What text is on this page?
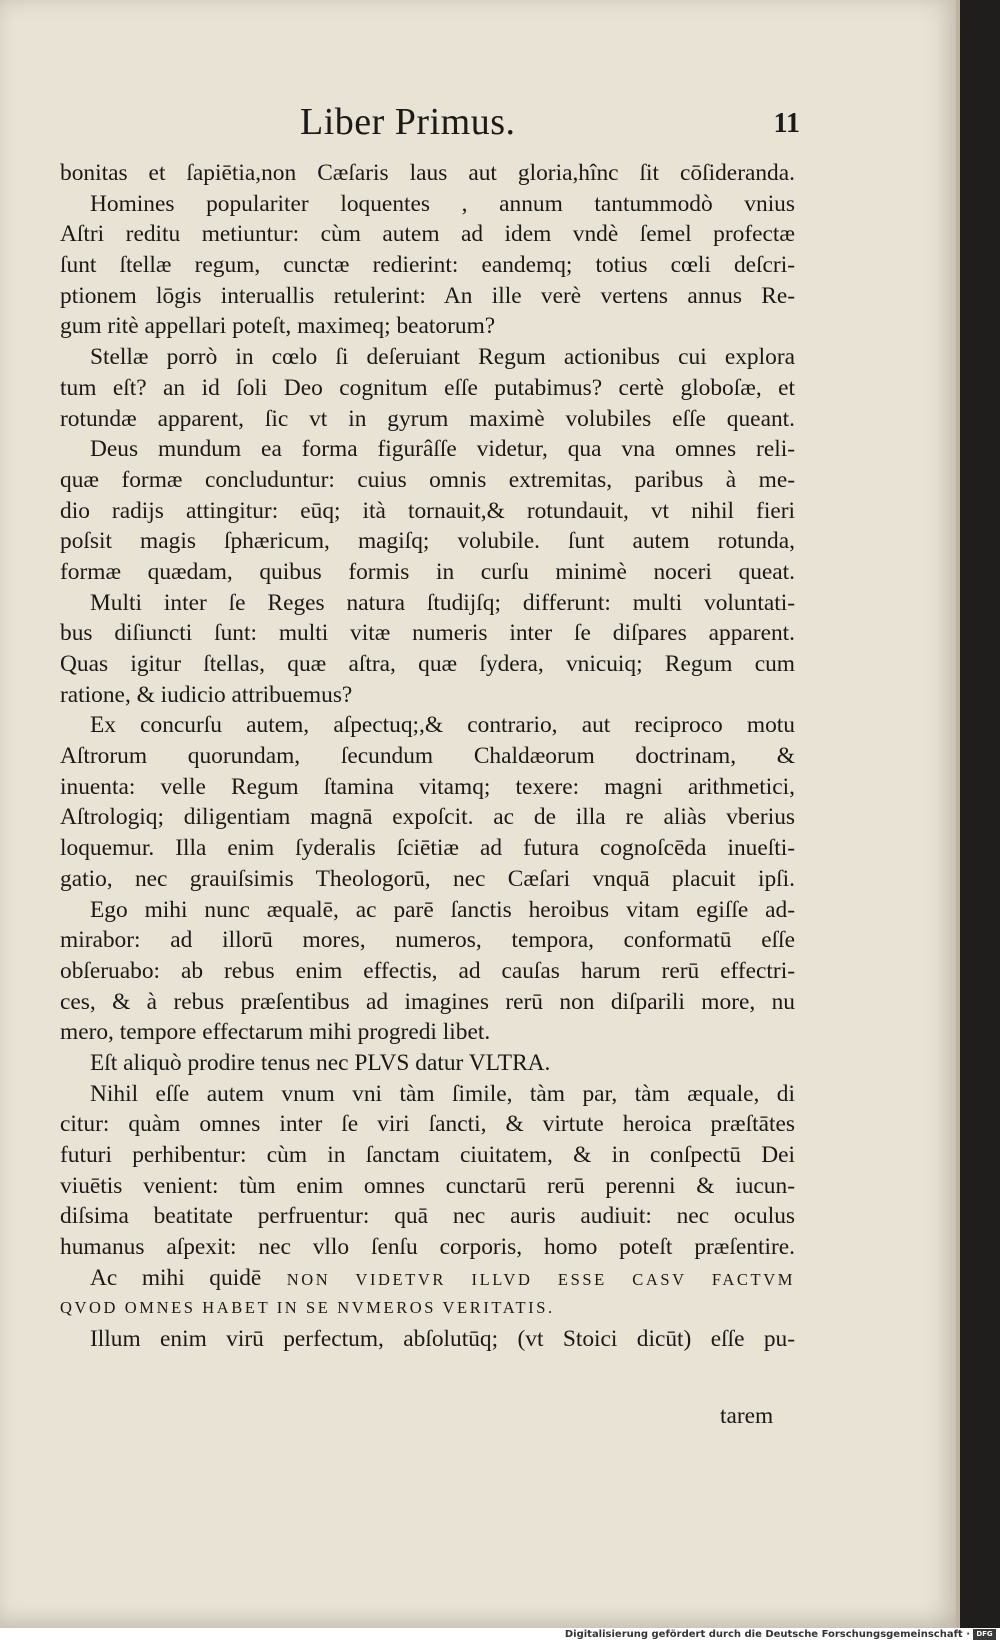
Liber Primus.	11
bonitas et ſapiētia,non Cæſaris laus aut gloria,hînc ſit cōſideranda.
Homines populariter loquentes , annum tantummodò vnius
Aſtri reditu metiuntur: cùm autem ad idem vndè ſemel profectæ
ſunt ſtellæ regum, cunctæ redierint: eandemq; totius cœli deſcri-
ptionem lōgis interuallis retulerint: An ille verè vertens annus Re-
gum ritè appellari poteſt, maximeq; beatorum?
Stellæ porrò in cœlo ſi deſeruiant Regum actionibus cui explora
tum eſt? an id ſoli Deo cognitum eſſe putabimus? certè globoſæ, et
rotundæ apparent, ſic vt in gyrum maximè volubiles eſſe queant.
Deus mundum ea forma figurâſſe videtur, qua vna omnes reli-
quæ formæ concluduntur: cuius omnis extremitas, paribus à me-
dio radijs attingitur: eūq; ità tornauit,& rotundauit, vt nihil fieri
poſsit magis ſphæricum, magiſq; volubile. ſunt autem rotunda,
formæ quædam, quibus formis in curſu minimè noceri queat.
Multi inter ſe Reges natura ſtudijſq; differunt: multi voluntati-
bus diſiuncti ſunt: multi vitæ numeris inter ſe diſpares apparent.
Quas igitur ſtellas, quæ aſtra, quæ ſydera, vnicuiq; Regum cum
ratione, & iudicio attribuemus?
Ex concurſu autem, aſpectuq;,& contrario, aut reciproco motu
Aſtrorum quorundam, ſecundum Chaldæorum doctrinam, &
inuenta: velle Regum ſtamina vitamq; texere: magni arithmetici,
Aſtrologiq; diligentiam magnā expoſcit. ac de illa re aliàs vberius
loquemur. Illa enim ſyderalis ſciētiæ ad futura cognoſcēda inueſti-
gatio, nec grauiſsimis Theologorū, nec Cæſari vnquā placuit ipſi.
Ego mihi nunc æqualē, ac parē ſanctis heroibus vitam egiſſe ad-
mirabor: ad illorū mores, numeros, tempora, conformatū eſſe
obſeruabo: ab rebus enim effectis, ad cauſas harum rerū effectri-
ces, & à rebus præſentibus ad imagines rerū non diſparili more, nu
mero, tempore effectarum mihi progredi libet.
Eſt aliquò prodire tenus nec PLVS datur VLTRA.
Nihil eſſe autem vnum vni tàm ſimile, tàm par, tàm æquale, di
citur: quàm omnes inter ſe viri ſancti, & virtute heroica præſtātes
futuri perhibentur: cùm in ſanctam ciuitatem, & in conſpectū Dei
viuētis venient: tùm enim omnes cunctarū rerū perenni & iucun-
diſsima beatitate perfruentur: quā nec auris audiuit: nec oculus
humanus aſpexit: nec vllo ſenſu corporis, homo poteſt præſentire.
Ac mihi quidē NON VIDETVR ILLVD ESSE CASV FACTVM
QVOD OMNES HABET IN SE NVMEROS VERITATIS.
Illum enim virū perfectum, abſolutūq; (vt Stoici dicūt) eſſe pu-
tarem
Digitalisierung gefördert durch die Deutsche Forschungsgemeinschaft · DFG
